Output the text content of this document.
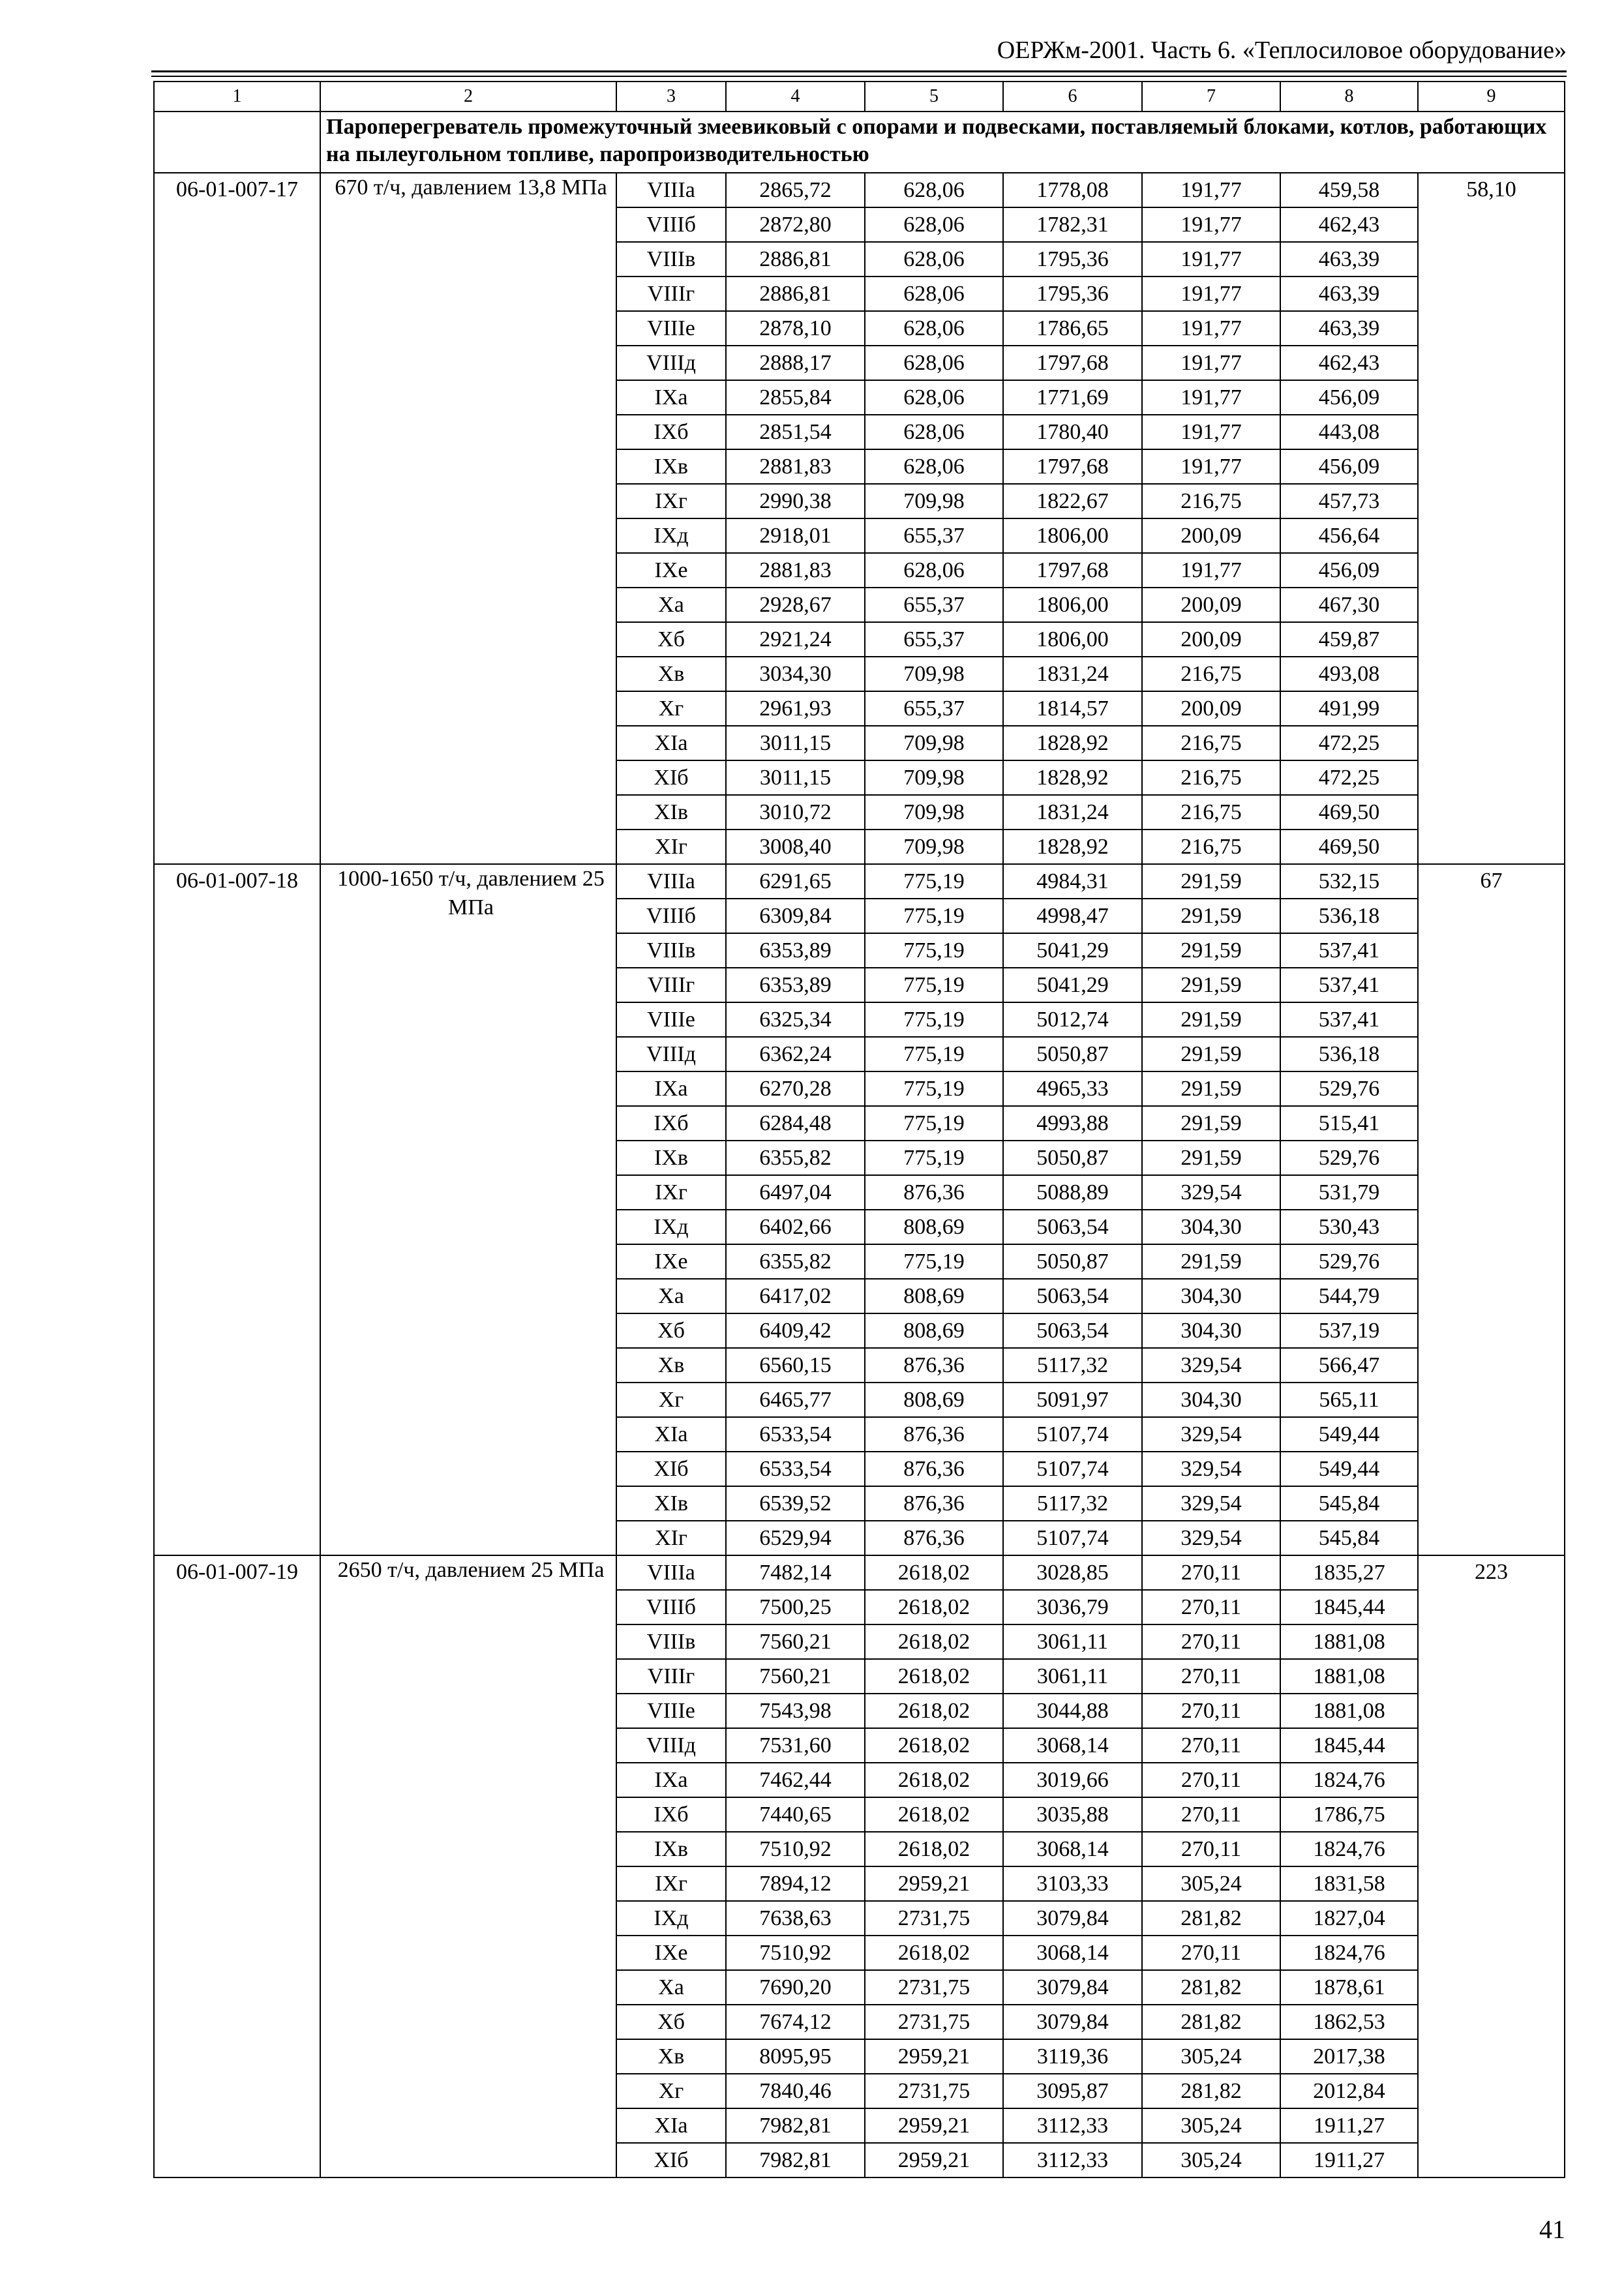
ОЕРЖм-2001. Часть 6. «Теплосиловое оборудование»
1	2	3	4	5	6	7	8	9
	Пароперегреватель промежуточный змеевиковый с опорами и подвесками, поставляемый блоками, котлов, работающих на пылеугольном топливе, паропроизводительностью							
06-01-007-17	670 т/ч, давлением 13,8 МПа	VIIIа	2865,72	628,06	1778,08	191,77	459,58	58,10
		VIIIб	2872,80	628,06	1782,31	191,77	462,43	
		VIIIв	2886,81	628,06	1795,36	191,77	463,39	
		VIIIг	2886,81	628,06	1795,36	191,77	463,39	
		VIIIе	2878,10	628,06	1786,65	191,77	463,39	
		VIIIд	2888,17	628,06	1797,68	191,77	462,43	
		IXа	2855,84	628,06	1771,69	191,77	456,09	
		IXб	2851,54	628,06	1780,40	191,77	443,08	
		IXв	2881,83	628,06	1797,68	191,77	456,09	
		IXг	2990,38	709,98	1822,67	216,75	457,73	
		IXд	2918,01	655,37	1806,00	200,09	456,64	
		IXе	2881,83	628,06	1797,68	191,77	456,09	
		Xа	2928,67	655,37	1806,00	200,09	467,30	
		Xб	2921,24	655,37	1806,00	200,09	459,87	
		Xв	3034,30	709,98	1831,24	216,75	493,08	
		Xг	2961,93	655,37	1814,57	200,09	491,99	
		XIа	3011,15	709,98	1828,92	216,75	472,25	
		XIб	3011,15	709,98	1828,92	216,75	472,25	
		XIв	3010,72	709,98	1831,24	216,75	469,50	
		XIг	3008,40	709,98	1828,92	216,75	469,50	
06-01-007-18	1000-1650 т/ч, давлением 25 МПа	VIIIа	6291,65	775,19	4984,31	291,59	532,15	67
		VIIIб	6309,84	775,19	4998,47	291,59	536,18	
		VIIIв	6353,89	775,19	5041,29	291,59	537,41	
		VIIIг	6353,89	775,19	5041,29	291,59	537,41	
		VIIIе	6325,34	775,19	5012,74	291,59	537,41	
		VIIIд	6362,24	775,19	5050,87	291,59	536,18	
		IXа	6270,28	775,19	4965,33	291,59	529,76	
		IXб	6284,48	775,19	4993,88	291,59	515,41	
		IXв	6355,82	775,19	5050,87	291,59	529,76	
		IXг	6497,04	876,36	5088,89	329,54	531,79	
		IXд	6402,66	808,69	5063,54	304,30	530,43	
		IXе	6355,82	775,19	5050,87	291,59	529,76	
		Xа	6417,02	808,69	5063,54	304,30	544,79	
		Xб	6409,42	808,69	5063,54	304,30	537,19	
		Xв	6560,15	876,36	5117,32	329,54	566,47	
		Xг	6465,77	808,69	5091,97	304,30	565,11	
		XIа	6533,54	876,36	5107,74	329,54	549,44	
		XIб	6533,54	876,36	5107,74	329,54	549,44	
		XIв	6539,52	876,36	5117,32	329,54	545,84	
		XIг	6529,94	876,36	5107,74	329,54	545,84	
06-01-007-19	2650 т/ч, давлением 25 МПа	VIIIа	7482,14	2618,02	3028,85	270,11	1835,27	223
		VIIIб	7500,25	2618,02	3036,79	270,11	1845,44	
		VIIIв	7560,21	2618,02	3061,11	270,11	1881,08	
		VIIIг	7560,21	2618,02	3061,11	270,11	1881,08	
		VIIIе	7543,98	2618,02	3044,88	270,11	1881,08	
		VIIIд	7531,60	2618,02	3068,14	270,11	1845,44	
		IXа	7462,44	2618,02	3019,66	270,11	1824,76	
		IXб	7440,65	2618,02	3035,88	270,11	1786,75	
		IXв	7510,92	2618,02	3068,14	270,11	1824,76	
		IXг	7894,12	2959,21	3103,33	305,24	1831,58	
		IXд	7638,63	2731,75	3079,84	281,82	1827,04	
		IXе	7510,92	2618,02	3068,14	270,11	1824,76	
		Xа	7690,20	2731,75	3079,84	281,82	1878,61	
		Xб	7674,12	2731,75	3079,84	281,82	1862,53	
		Xв	8095,95	2959,21	3119,36	305,24	2017,38	
		Xг	7840,46	2731,75	3095,87	281,82	2012,84	
		XIа	7982,81	2959,21	3112,33	305,24	1911,27	
		XIб	7982,81	2959,21	3112,33	305,24	1911,27	
41
